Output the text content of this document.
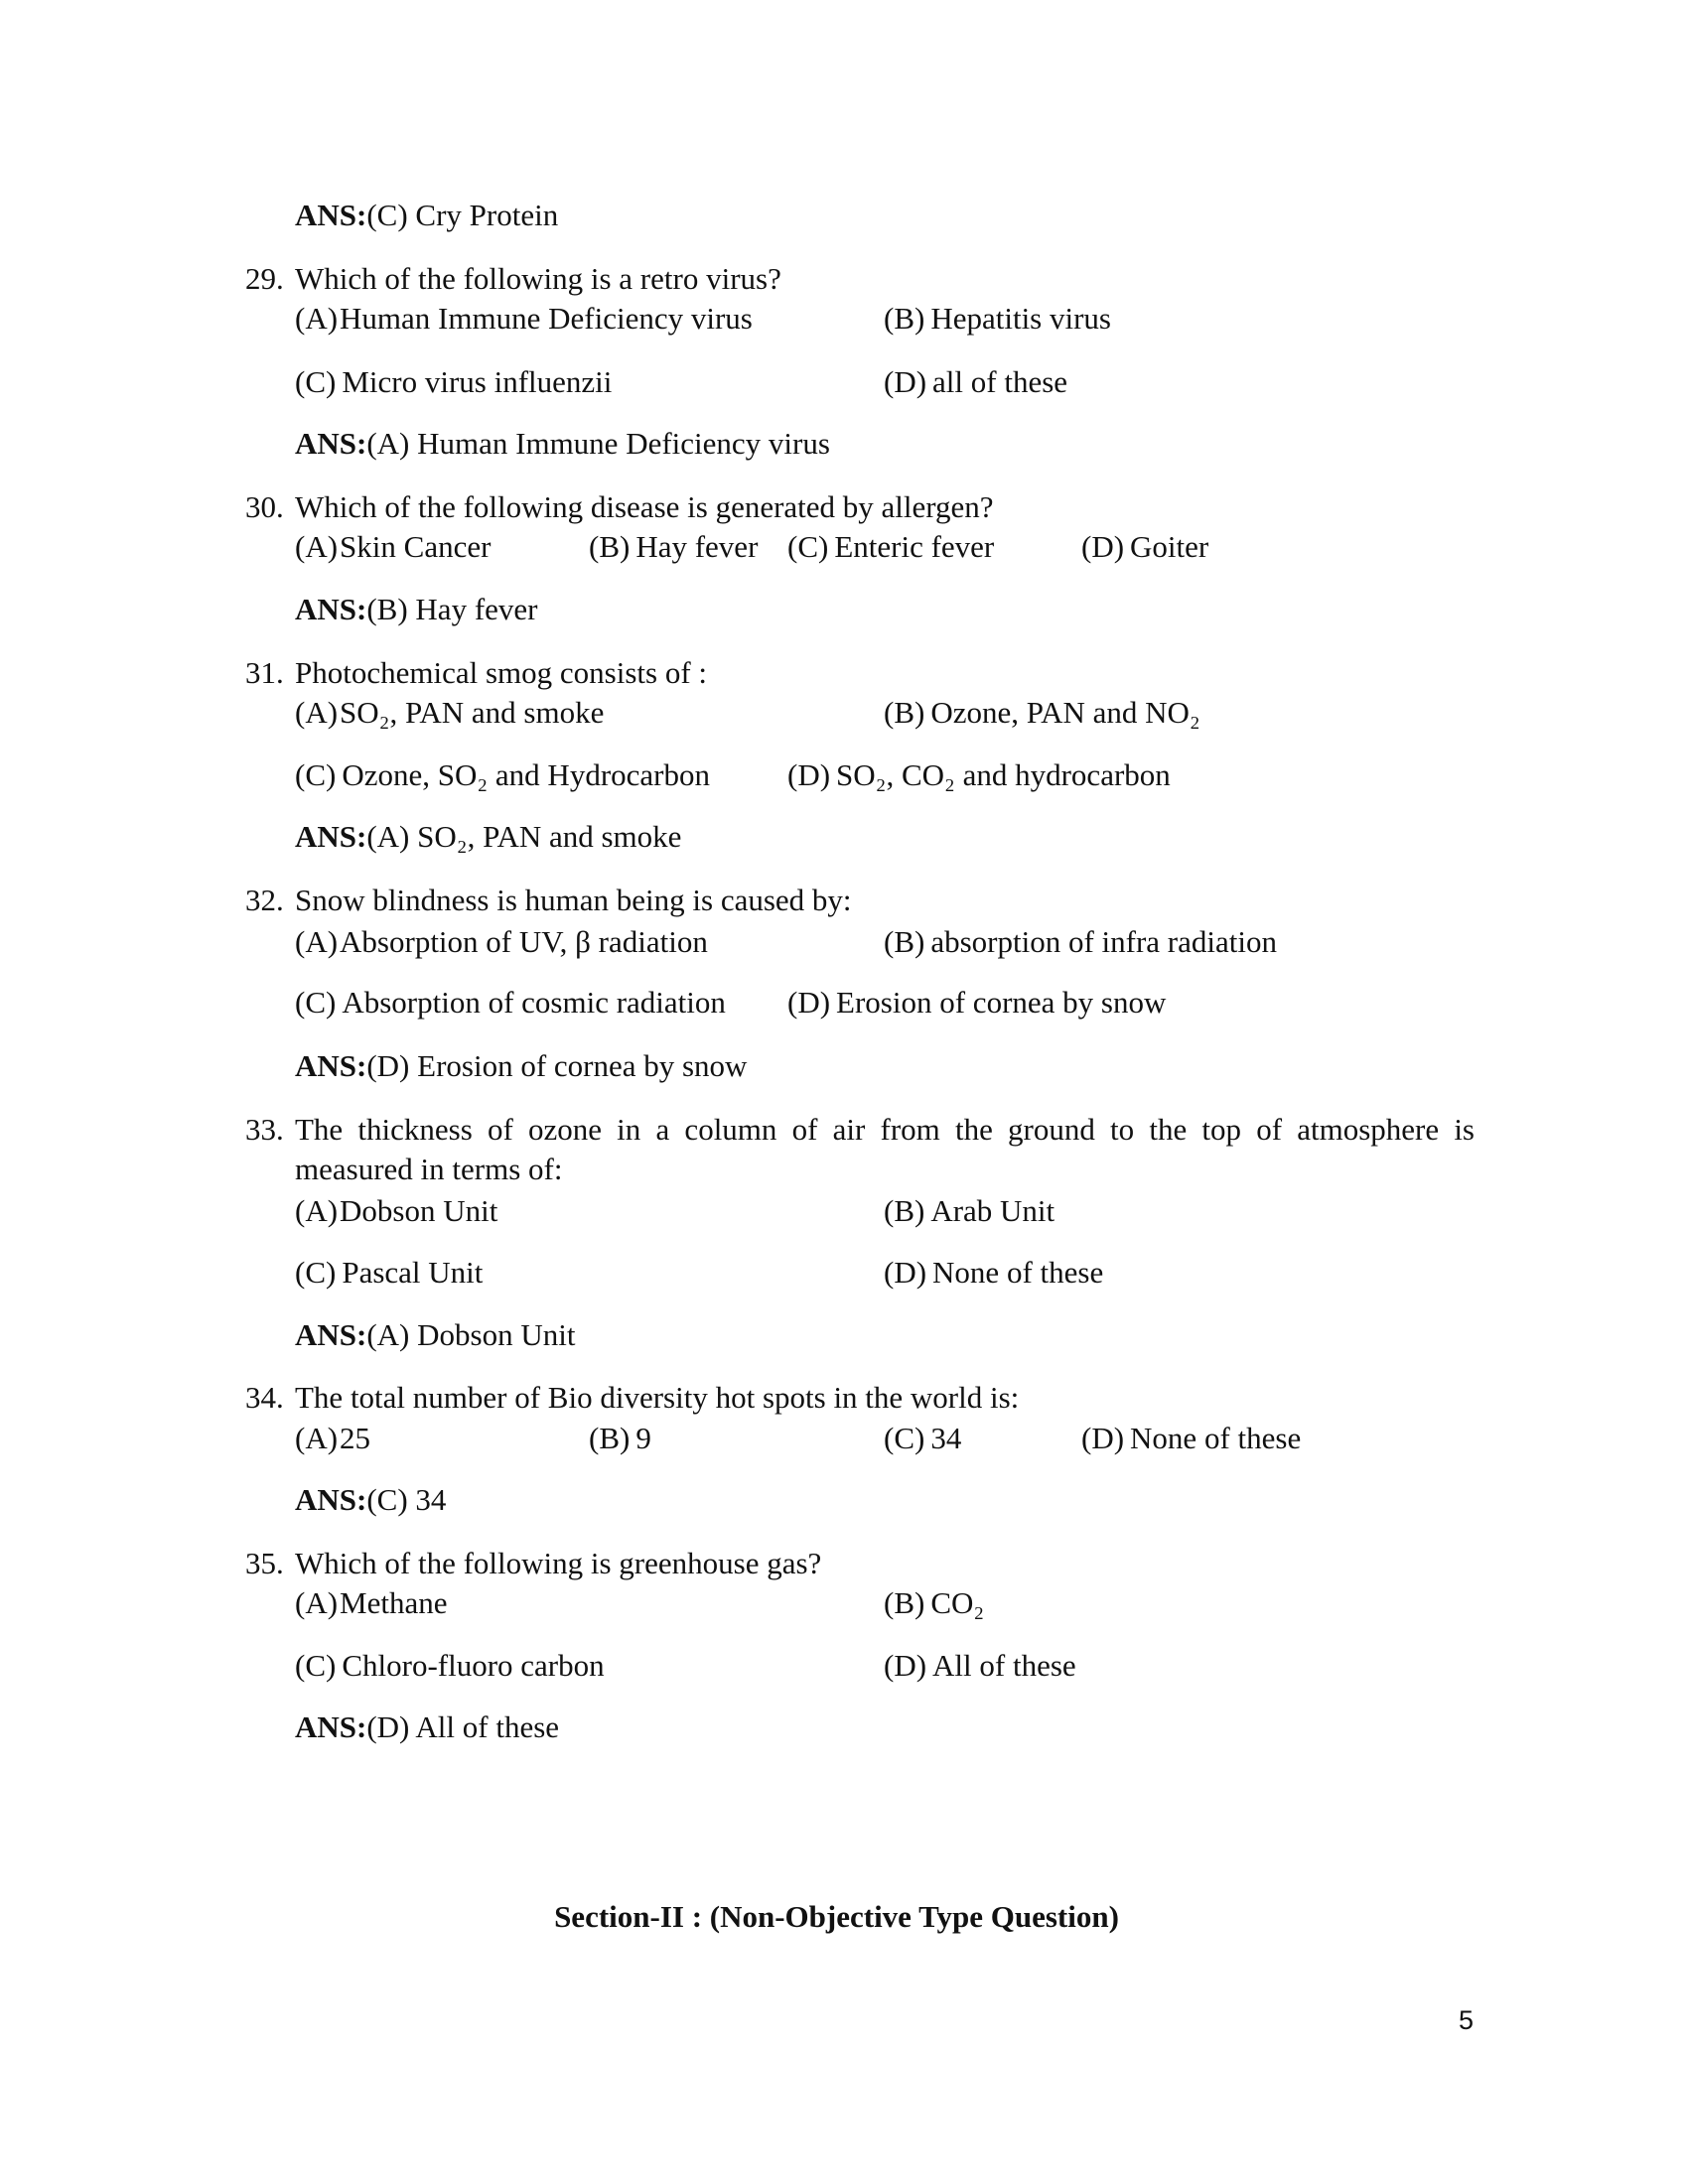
ANS:(C) Cry Protein
29. Which of the following is a retro virus?
(A)Human Immune Deficiency virus	(B) Hepatitis virus
(C) Micro virus influenzii	(D) all of these
ANS:(A) Human Immune Deficiency virus
30. Which of the following disease is generated by allergen?
(A)Skin Cancer	(B) Hay fever (C) Enteric fever	(D) Goiter
ANS:(B) Hay fever
31. Photochemical smog consists of :
(A)SO₂, PAN and smoke	(B) Ozone, PAN and NO₂
(C) Ozone, SO₂ and Hydrocarbon	(D) SO₂, CO₂ and hydrocarbon
ANS:(A) SO₂, PAN and smoke
32. Snow blindness is human being is caused by:
(A)Absorption of UV, β radiation	(B) absorption of infra radiation
(C) Absorption of cosmic radiation (D) Erosion of cornea by snow
ANS:(D) Erosion of cornea by snow
33. The thickness of ozone in a column of air from the ground to the top of atmosphere is
measured in terms of:
(A)Dobson Unit	(B) Arab Unit
(C) Pascal Unit	(D) None of these
ANS:(A) Dobson Unit
34. The total number of Bio diversity hot spots in the world is:
(A)25	(B) 9	(C) 34	(D) None of these
ANS:(C) 34
35. Which of the following is greenhouse gas?
(A)Methane	(B) CO₂
(C) Chloro-fluoro carbon	(D) All of these
ANS:(D) All of these
Section-II : (Non-Objective Type Question)
5
